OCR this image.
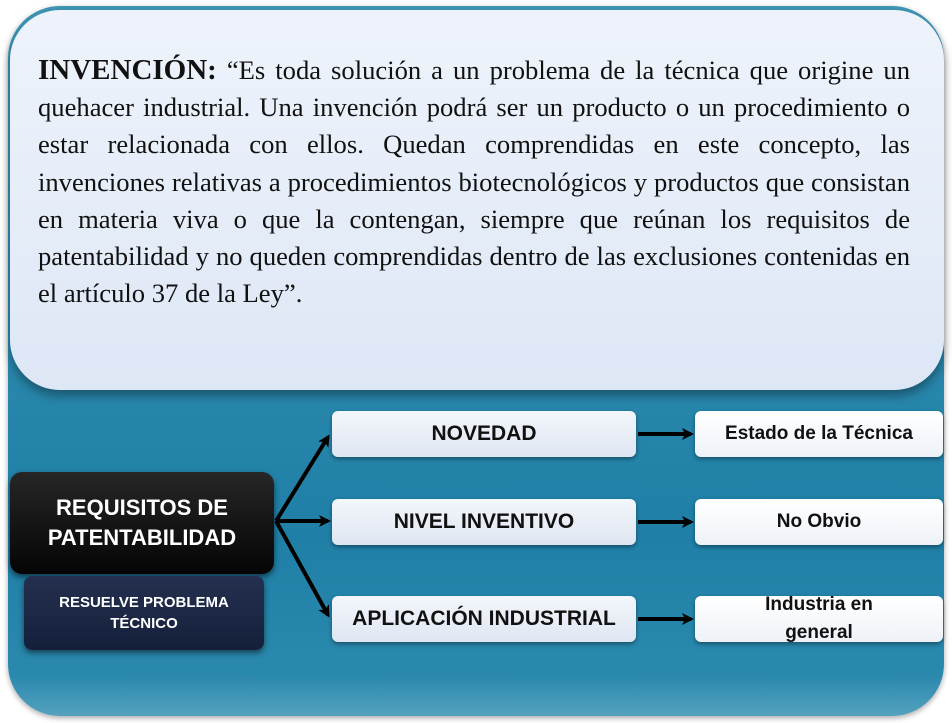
INVENCIÓN: “Es toda solución a un problema de la técnica que origine un quehacer industrial. Una invención podrá ser un producto o un procedimiento o estar relacionada con ellos. Quedan comprendidas en este concepto, las invenciones relativas a procedimientos biotecnológicos y productos que consistan en materia viva o que la contengan, siempre que reúnan los requisitos de patentabilidad y no queden comprendidas dentro de las exclusiones contenidas en el artículo 37 de la Ley”.
REQUISITOS DE PATENTABILIDAD
RESUELVE PROBLEMA TÉCNICO
NOVEDAD
NIVEL INVENTIVO
APLICACIÓN INDUSTRIAL
Estado de la Técnica
No Obvio
Industria en general
